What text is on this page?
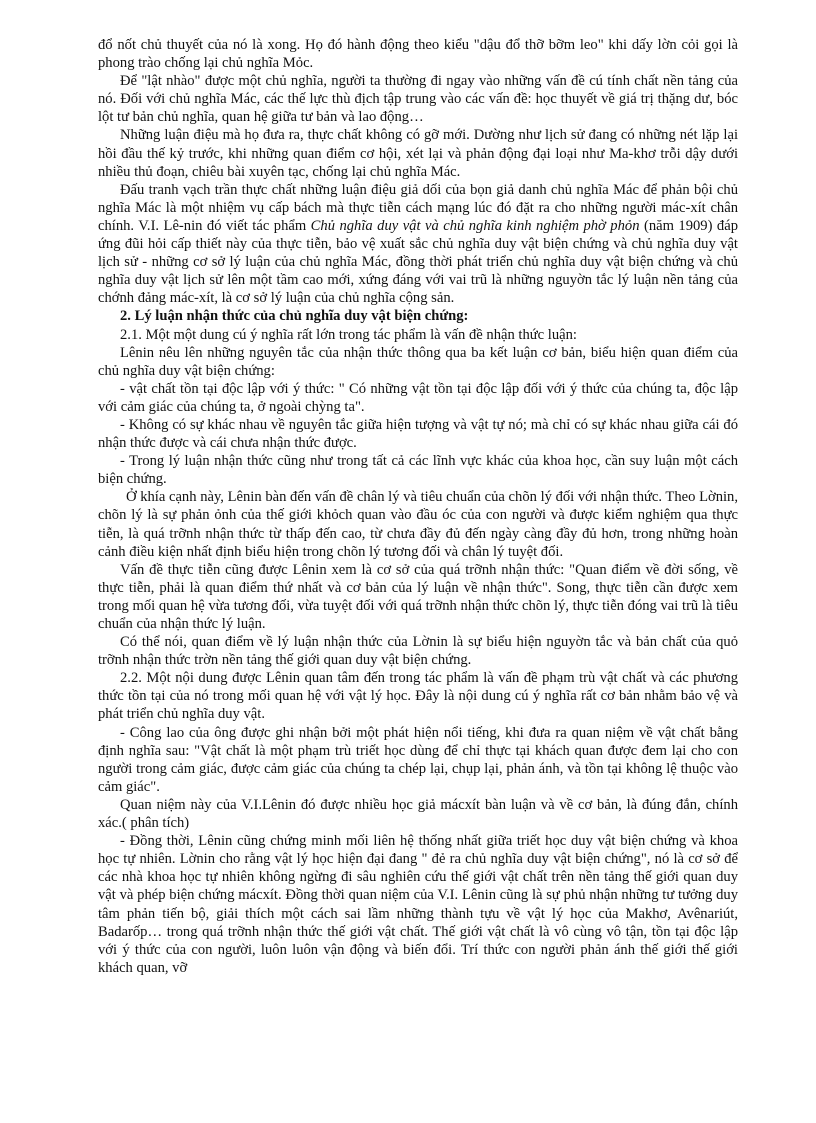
đổ nốt chủ thuyết của nó là xong. Họ đó hành động theo kiểu "dậu đổ thỡ bỡm leo" khi dấy lờn cỏi gọi là phong trào chống lại chủ nghĩa Mỏc.

Để "lật nhào" được một chủ nghĩa, người ta thường đi ngay vào những vấn đề cú tính chất nền tảng của nó. Đối với chủ nghĩa Mác, các thế lực thù địch tập trung vào các vấn đề: học thuyết về giá trị thặng dư, bóc lột tư bản chủ nghĩa, quan hệ giữa tư bản và lao động…

Những luận điệu mà họ đưa ra, thực chất không có gỡ mới. Dường như lịch sử đang có những nét lặp lại hồi đầu thế kỷ trước, khi những quan điểm cơ hội, xét lại và phản động đại loại như Ma-khơ trỗi dậy dưới nhiều thủ đoạn, chiêu bài xuyên tạc, chống lại chủ nghĩa Mác.

Đấu tranh vạch trần thực chất những luận điệu giả dối của bọn giả danh chủ nghĩa Mác để phản bội chủ nghĩa Mác là một nhiệm vụ cấp bách mà thực tiễn cách mạng lúc đó đặt ra cho những người mác-xít chân chính. V.I. Lê-nin đó viết tác phẩm Chủ nghĩa duy vật và chủ nghĩa kinh nghiệm phờ phỏn (năm 1909) đáp ứng đũi hỏi cấp thiết này của thực tiễn, bảo vệ xuất sắc chủ nghĩa duy vật biện chứng và chủ nghĩa duy vật lịch sử - những cơ sở lý luận của chủ nghĩa Mác, đồng thời phát triển chủ nghĩa duy vật biện chứng và chủ nghĩa duy vật lịch sử lên một tầm cao mới, xứng đáng với vai trũ là những nguyờn tắc lý luận nền tảng của chớnh đảng mác-xít, là cơ sở lý luận của chủ nghĩa cộng sản.

2. Lý luận nhận thức của chủ nghĩa duy vật biện chứng:

2.1. Một một dung cú ý nghĩa rất lớn trong tác phẩm là vấn đề nhận thức luận:

Lênin nêu lên những nguyên tắc của nhận thức thông qua ba kết luận cơ bản, biểu hiện quan điểm của chủ nghĩa duy vật biện chứng:

- vật chất tồn tại độc lập với ý thức: " Có những vật tồn tại độc lập đối với ý thức của chúng ta, độc lập với cảm giác của chúng ta, ở ngoài chỳng ta".

- Không có sự khác nhau về nguyên tắc giữa hiện tượng và vật tự nó; mà chỉ có sự khác nhau giữa cái đó nhận thức được và cái chưa nhận thức được.

- Trong lý luận nhận thức cũng như trong tất cả các lĩnh vực khác của khoa học, cần suy luận một cách biện chứng.

Ở khía cạnh này, Lênin bàn đến vấn đề chân lý và tiêu chuẩn của chõn lý đối với nhận thức. Theo Lờnin, chõn lý là sự phản ỏnh của thế giới khỏch quan vào đầu óc của con người và được kiểm nghiệm qua thực tiễn, là quá trỡnh nhận thức từ thấp đến cao, từ chưa đầy đủ đến ngày càng đầy đủ hơn, trong những hoàn cảnh điều kiện nhất định biểu hiện trong chõn lý tương đối và chân lý tuyệt đối.

Vấn đề thực tiễn cũng được Lênin xem là cơ sở của quá trỡnh nhận thức: "Quan điểm về đời sống, về thực tiễn, phải là quan điểm thứ nhất và cơ bản của lý luận về nhận thức". Song, thực tiễn cần được xem trong mối quan hệ vừa tương đối, vừa tuyệt đối với quá trỡnh nhận thức chõn lý, thực tiễn đóng vai trũ là tiêu chuẩn của nhận thức lý luận.

Có thể nói, quan điểm về lý luận nhận thức của Lờnin là sự biểu hiện nguyờn tắc và bản chất của quỏ trỡnh nhận thức trờn nền tảng thế giới quan duy vật biện chứng.

2.2. Một nội dung được Lênin quan tâm đến trong tác phẩm là vấn đề phạm trù vật chất và các phương thức tồn tại của nó trong mối quan hệ với vật lý học. Đây là nội dung cú ý nghĩa rất cơ bản nhằm bảo vệ và phát triển chủ nghĩa duy vật.

- Công lao của ông được ghi nhận bởi một phát hiện nổi tiếng, khi đưa ra quan niệm về vật chất bằng định nghĩa sau: "Vật chất là một phạm trù triết học dùng để chỉ thực tại khách quan được đem lại cho con người trong cảm giác, được cảm giác của chúng ta chép lại, chụp lại, phản ánh, và tồn tại không lệ thuộc vào cảm giác".

Quan niệm này của V.I.Lênin đó được nhiều học giả mácxít bàn luận và về cơ bản, là đúng đắn, chính xác.( phân tích)

- Đồng thời, Lênin cũng chứng minh mối liên hệ thống nhất giữa triết học duy vật biện chứng và khoa học tự nhiên. Lờnin cho rằng vật lý học hiện đại đang " đẻ ra chủ nghĩa duy vật biện chứng", nó là cơ sở để các nhà khoa học tự nhiên không ngừng đi sâu nghiên cứu thế giới vật chất trên nền tảng thế giới quan duy vật và phép biện chứng mácxít. Đồng thời quan niệm của V.I. Lênin cũng là sự phủ nhận những tư tưởng duy tâm phản tiến bộ, giải thích một cách sai lầm những thành tựu về vật lý học của Makhơ, Avênariút, Badarốp… trong quá trỡnh nhận thức thế giới vật chất. Thế giới vật chất là vô cùng vô tận, tồn tại độc lập với ý thức của con người, luôn luôn vận động và biến đổi. Trí thức con người phản ánh thế giới thế giới khách quan, vỡ
